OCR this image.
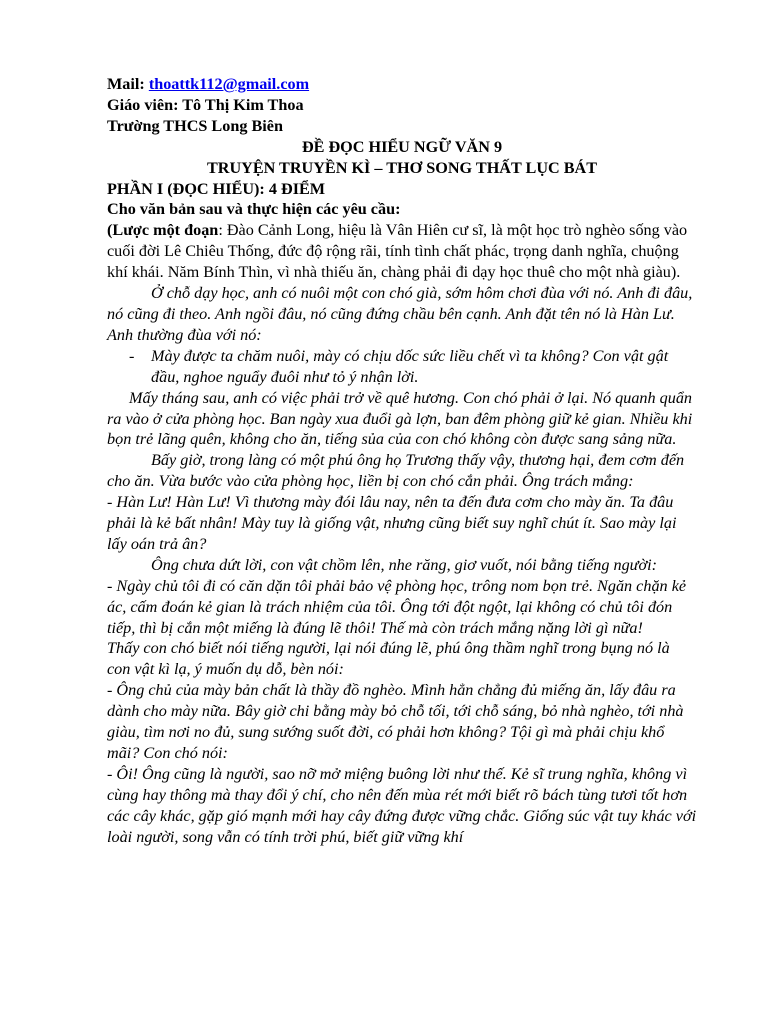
Mail: thoattk112@gmail.com

Giáo viên: Tô Thị Kim Thoa

Trường THCS Long Biên

ĐỀ ĐỌC HIỂU NGỮ VĂN 9

TRUYỆN TRUYỀN KÌ – THƠ SONG THẤT LỤC BÁT

PHẦN I (ĐỌC HIỂU): 4 ĐIỂM

Cho văn bản sau và thực hiện các yêu cầu:

(Lược một đoạn: Đào Cảnh Long, hiệu là Vân Hiên cư sĩ, là một học trò nghèo sống vào cuối đời Lê Chiêu Thống, đức độ rộng rãi, tính tình chất phác, trọng danh nghĩa, chuộng khí khái. Năm Bính Thìn, vì nhà thiếu ăn, chàng phải đi dạy học thuê cho một nhà giàu).

Ở chỗ dạy học, anh có nuôi một con chó già, sớm hôm chơi đùa với nó. Anh đi đâu, nó cũng đi theo. Anh ngồi đâu, nó cũng đứng chầu bên cạnh. Anh đặt tên nó là Hàn Lư. Anh thường đùa với nó:

-	Mày được ta chăm nuôi, mày có chịu dốc sức liều chết vì ta không? Con vật gật đầu, nghoe nguẩy đuôi như tỏ ý nhận lời.

Mấy tháng sau, anh có việc phải trở về quê hương. Con chó phải ở lại. Nó quanh quẩn ra vào ở cửa phòng học. Ban ngày xua đuổi gà lợn, ban đêm phòng giữ kẻ gian. Nhiều khi bọn trẻ lãng quên, không cho ăn, tiếng sủa của con chó không còn được sang sảng nữa.

Bấy giờ, trong làng có một phú ông họ Trương thấy vậy, thương hại, đem cơm đến cho ăn. Vừa bước vào cửa phòng học, liền bị con chó cắn phải. Ông trách mắng:

- Hàn Lư! Hàn Lư! Vì thương mày đói lâu nay, nên ta đến đưa cơm cho mày ăn. Ta đâu phải là kẻ bất nhân! Mày tuy là giống vật, nhưng cũng biết suy nghĩ chút ít. Sao mày lại lấy oán trả ân?

Ông chưa dứt lời, con vật chồm lên, nhe răng, giơ vuốt, nói bằng tiếng người:

- Ngày chủ tôi đi có căn dặn tôi phải bảo vệ phòng học, trông nom bọn trẻ. Ngăn chặn kẻ ác, cấm đoán kẻ gian là trách nhiệm của tôi. Ông tới đột ngột, lại không có chủ tôi đón tiếp, thì bị cắn một miếng là đúng lẽ thôi! Thế mà còn trách mắng nặng lời gì nữa!

Thấy con chó biết nói tiếng người, lại nói đúng lẽ, phú ông thầm nghĩ trong bụng nó là con vật kì lạ, ý muốn dụ dỗ, bèn nói:

- Ông chủ của mày bản chất là thầy đồ nghèo. Mình hẳn chẳng đủ miếng ăn, lấy đâu ra dành cho mày nữa. Bây giờ chi bằng mày bỏ chỗ tối, tới chỗ sáng, bỏ nhà nghèo, tới nhà giàu, tìm nơi no đủ, sung sướng suốt đời, có phải hơn không? Tội gì mà phải chịu khổ mãi? Con chó nói:

- Ôi! Ông cũng là người, sao nỡ mở miệng buông lời như thế. Kẻ sĩ trung nghĩa, không vì cùng hay thông mà thay đổi ý chí, cho nên đến mùa rét mới biết rõ bách tùng tươi tốt hơn các cây khác, gặp gió mạnh mới hay cây đứng được vững chắc. Giống súc vật tuy khác với loài người, song vẫn có tính trời phú, biết giữ vững khí
